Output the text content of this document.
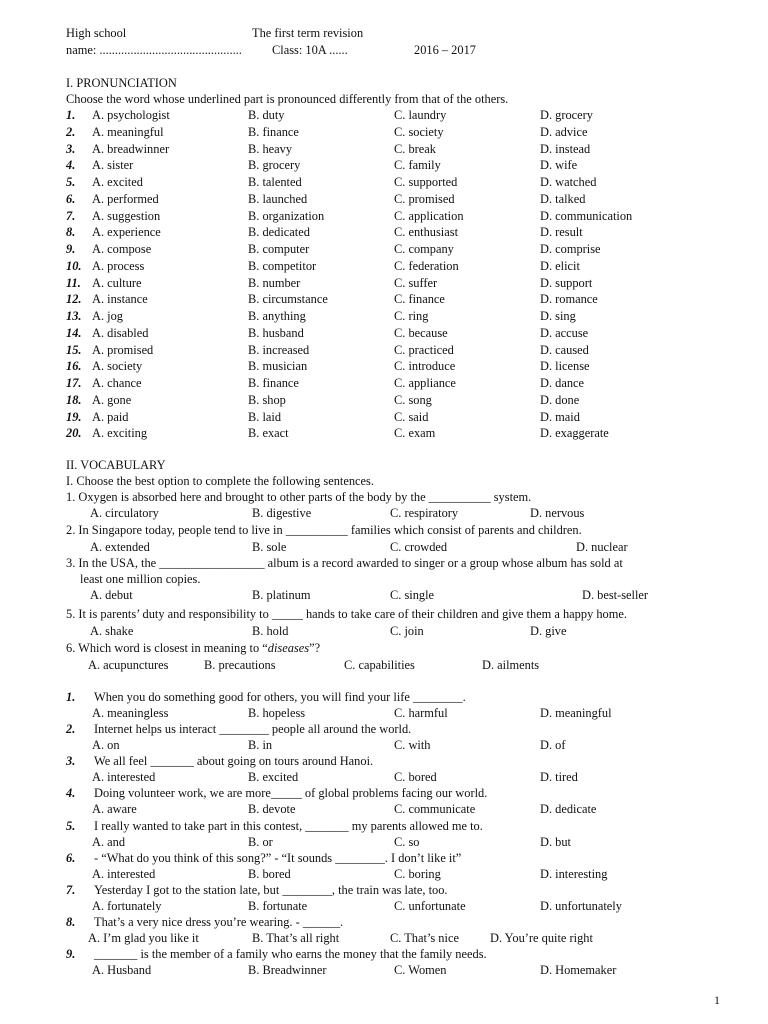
High school	The first term revision
name: .............................................. Class: 10A ......	2016 – 2017
I. PRONUNCIATION
Choose the word whose underlined part is pronounced differently from that of the others.
1. A. psychologist	B. duty	C. laundry	D. grocery
2. A. meaningful	B. finance	C. society	D. advice
3. A. breadwinner	B. heavy	C. break	D. instead
4. A. sister	B. grocery	C. family	D. wife
5. A. excited	B. talented	C. supported	D. watched
6. A. performed	B. launched	C. promised	D. talked
7. A. suggestion	B. organization	C. application	D. communication
8. A. experience	B. dedicated	C. enthusiast	D. result
9. A. compose	B. computer	C. company	D. comprise
10. A. process	B. competitor	C. federation	D. elicit
11. A. culture	B. number	C. suffer	D. support
12. A. instance	B. circumstance	C. finance	D. romance
13. A. jog	B. anything	C. ring	D. sing
14. A. disabled	B. husband	C. because	D. accuse
15. A. promised	B. increased	C. practiced	D. caused
16. A. society	B. musician	C. introduce	D. license
17. A. chance	B. finance	C. appliance	D. dance
18. A. gone	B. shop	C. song	D. done
19. A. paid	B. laid	C. said	D. maid
20. A. exciting	B. exact	C. exam	D. exaggerate
II. VOCABULARY
I. Choose the best option to complete the following sentences.
1. Oxygen is absorbed here and brought to other parts of the body by the __________ system.
A. circulatory	B. digestive	C. respiratory	D. nervous
2. In Singapore today, people tend to live in __________ families which consist of parents and children.
A. extended	B. sole	C. crowded	D. nuclear
3. In the USA, the _________________ album is a record awarded to singer or a group whose album has sold at
least one million copies.
A. debut	B. platinum	C. single	D. best-seller
5. It is parents’ duty and responsibility to _____ hands to take care of their children and give them a happy home.
A. shake	B. hold	C. join	D. give
6. Which word is closest in meaning to “diseases”?
A. acupunctures	B. precautions	C. capabilities	D. ailments
1. When you do something good for others, you will find your life ________.
A. meaningless	B. hopeless	C. harmful	D. meaningful
2. Internet helps us interact ________ people all around the world.
A. on	B. in	C. with	D. of
3. We all feel _______ about going on tours around Hanoi.
A. interested	B. excited	C. bored	D. tired
4. Doing volunteer work, we are more_____ of global problems facing our world.
A. aware	B. devote	C. communicate	D. dedicate
5. I really wanted to take part in this contest, _______ my parents allowed me to.
A. and	B. or	C. so	D. but
6. - “What do you think of this song?” - “It sounds ________. I don’t like it”
A. interested	B. bored	C. boring	D. interesting
7. Yesterday I got to the station late, but ________, the train was late, too.
A. fortunately	B. fortunate	C. unfortunate	D. unfortunately
8. That’s a very nice dress you’re wearing. - ______.
A. I’m glad you like it	B. That’s all right	C. That’s nice	D. You’re quite right
9. _______ is the member of a family who earns the money that the family needs.
A. Husband	B. Breadwinner	C. Women	D. Homemaker
1
